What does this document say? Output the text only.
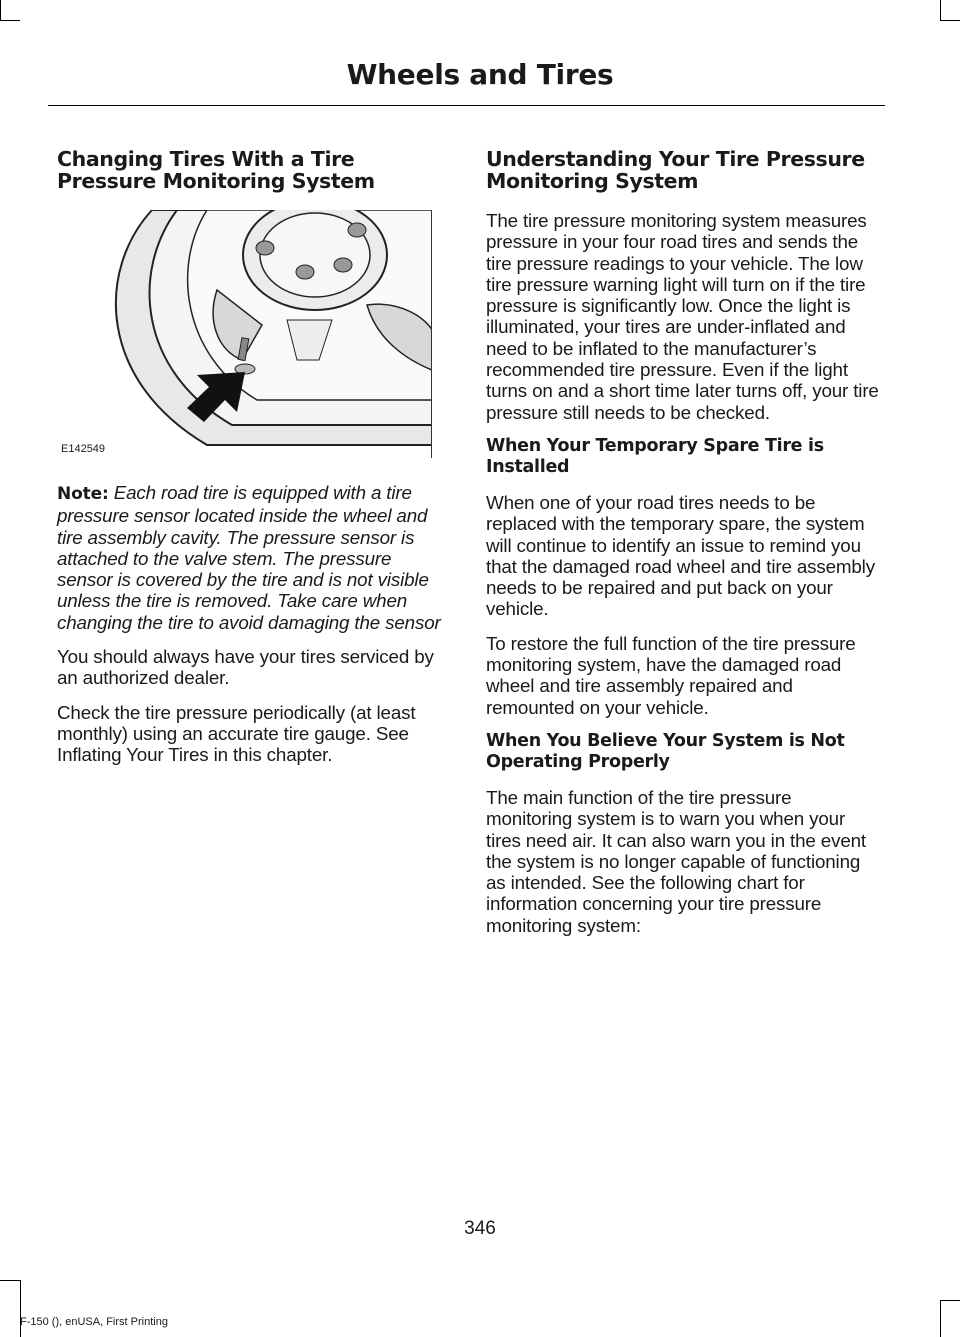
Wheels and Tires
Changing Tires With a Tire Pressure Monitoring System
E142549

Note: Each road tire is equipped with a tire pressure sensor located inside the wheel and tire assembly cavity. The pressure sensor is attached to the valve stem. The pressure sensor is covered by the tire and is not visible unless the tire is removed. Take care when changing the tire to avoid damaging the sensor

You should always have your tires serviced by an authorized dealer.

Check the tire pressure periodically (at least monthly) using an accurate tire gauge. See Inflating Your Tires in this chapter.

Understanding Your Tire Pressure Monitoring System

The tire pressure monitoring system measures pressure in your four road tires and sends the tire pressure readings to your vehicle. The low tire pressure warning light will turn on if the tire pressure is significantly low. Once the light is illuminated, your tires are under-inflated and need to be inflated to the manufacturer’s recommended tire pressure. Even if the light turns on and a short time later turns off, your tire pressure still needs to be checked.

When Your Temporary Spare Tire is Installed

When one of your road tires needs to be replaced with the temporary spare, the system will continue to identify an issue to remind you that the damaged road wheel and tire assembly needs to be repaired and put back on your vehicle.

To restore the full function of the tire pressure monitoring system, have the damaged road wheel and tire assembly repaired and remounted on your vehicle.

When You Believe Your System is Not Operating Properly

The main function of the tire pressure monitoring system is to warn you when your tires need air. It can also warn you in the event the system is no longer capable of functioning as intended. See the following chart for information concerning your tire pressure monitoring system:

346
F-150 (), enUSA, First Printing
